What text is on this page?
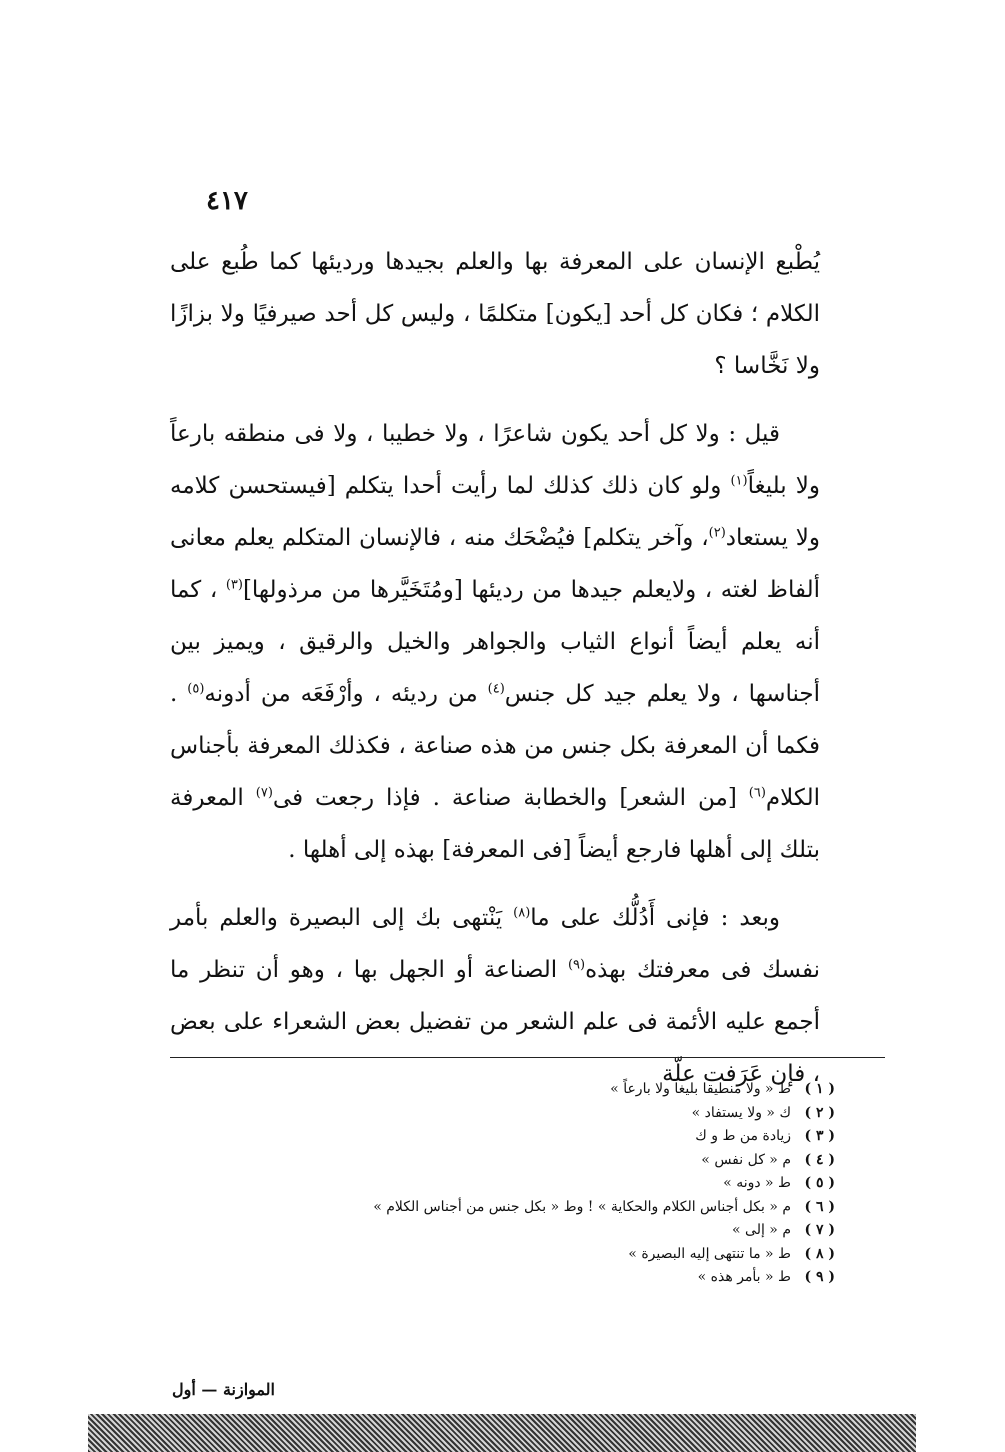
٤١٧

يُطْبع الإنسان على المعرفة بها والعلم بجيدها ورديئها كما طُبع على الكلام ؛ فكان كل أحد [يكون] متكلمًا ، وليس كل أحد صيرفيًا ولا بزازًا ولا نَخَّاسا ؟

قيل : ولا كل أحد يكون شاعرًا ، ولا خطيبا ، ولا فى منطقه بارعاً ولا بليغاً$^{(١)}$ ولو كان ذلك كذلك لما رأيت أحدا يتكلم [فيستحسن كلامه ولا يستعاد$^{(٢)}$، وآخر يتكلم] فيُضْحَك منه ، فالإنسان المتكلم يعلم معانى ألفاظ لغته ، ولايعلم جيدها من رديئها [ومُتَخَيَّرها من مرذولها]$^{(٣)}$ ، كما أنه يعلم أيضاً أنواع الثياب والجواهر والخيل والرقيق ، ويميز بين أجناسها ، ولا يعلم جيد كل جنس$^{(٤)}$ من رديئه ، وأرْفَعَه من أدونه$^{(٥)}$ . فكما أن المعرفة بكل جنس من هذه صناعة ، فكذلك المعرفة بأجناس الكلام$^{(٦)}$ [من الشعر] والخطابة صناعة . فإذا رجعت فى$^{(٧)}$ المعرفة بتلك إلى أهلها فارجع أيضاً [فى المعرفة] بهذه إلى أهلها .

وبعد : فإنى أَدُلُّك على ما$^{(٨)}$ يَنْتهى بك إلى البصيرة والعلم بأمر نفسك فى معرفتك بهذه$^{(٩)}$ الصناعة أو الجهل بها ، وهو أن تنظر ما أجمع عليه الأئمة فى علم الشعر من تفضيل بعض الشعراء على بعض ، فإن عَرَفت علّة

( ١ )ط « ولا منطيقا بليغا ولا بارعاً »
( ٢ )ك « ولا يستفاد »
( ٣ )زيادة من ط و ك
( ٤ )م « كل نفس »
( ٥ )ط « دونه »
( ٦ )م « بكل أجناس الكلام والحكاية » ! وط « بكل جنس من أجناس الكلام »
( ٧ )م « إلى »
( ٨ )ط « ما تنتهى إليه البصيرة »
( ٩ )ط « بأمر هذه »
الموازنة — أول
